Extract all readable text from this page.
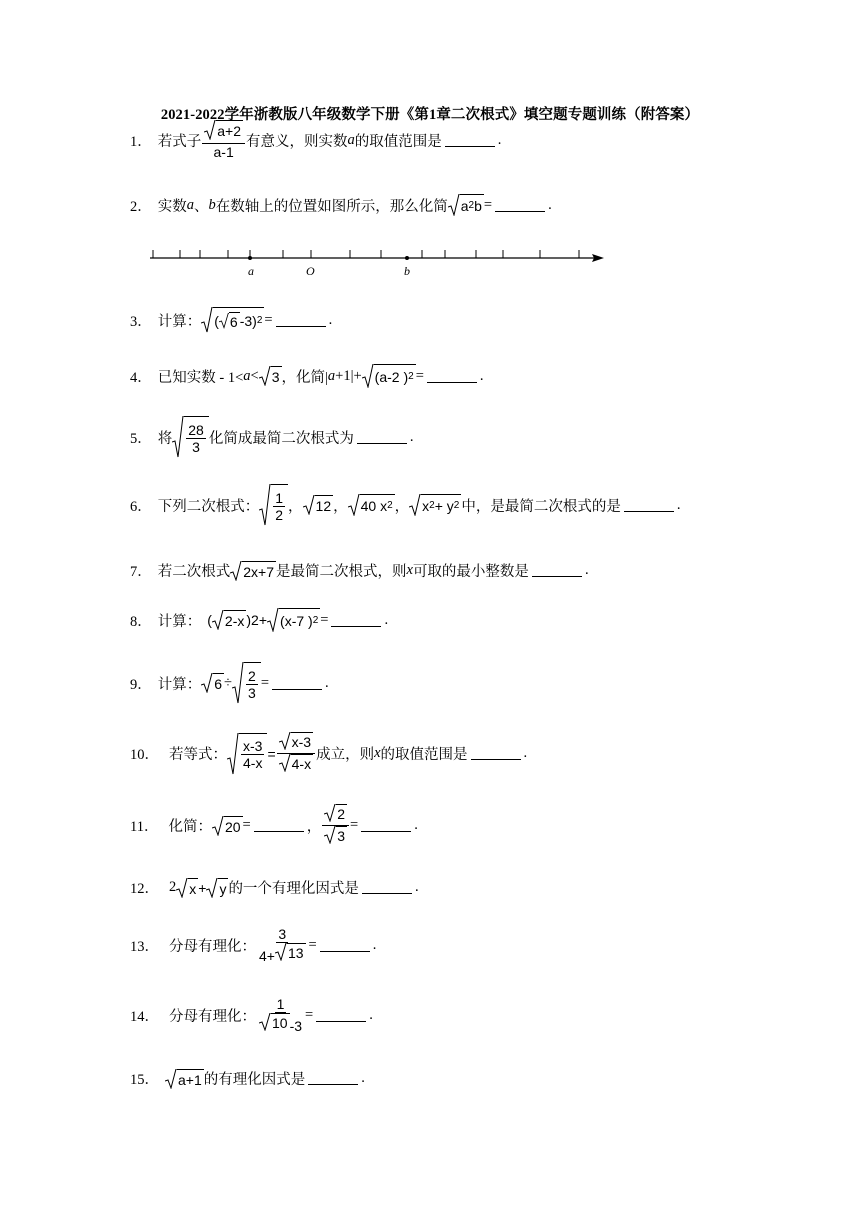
2021-2022学年浙教版八年级数学下册《第1章二次根式》填空题专题训练（附答案）
1． 若式子 $\frac{a+2}{a-1}$ 有意义，则实数 a 的取值范围是	.
2． 实数 a 、 b 在数轴上的位置如图所示，那么化简 a 2 b =	.
a	O	b
3． 计算： ( 6 -3) 2 =	.
4． 已知实数 - 1< a < 3 ，化简| a +1|+ (a-2 ) 2 =	.
5． 将 $\frac{28}{3}$ 化简成最简二次根式为	.
6． 下列二次根式： $\frac{1}{2}$ ， 12 ， 40 x 2 ， x 2 + y 2 中，是最简二次根式的是	.
7． 若二次根式 2x+7 是最简二次根式，则 x 可取的最小整数是	.
8． 计算： ( 2-x ) 2 + (x-7 ) 2 =	.
9． 计算： $6 \div \frac{2}{3}$ =	.
10． 若等式： $\frac{x-3}{4-x} = \frac{x-3}{4-x}$ 成立，则 x 的取值范围是	.
11． 化简： 20 =	， $\frac{2}{3}$ =	.
12． 2 x + y 的一个有理化因式是	.
13． 分母有理化： $\frac{3}{4+ 13}$ =	.
14． 分母有理化： $\frac{1}{10 -3}$ =	.
15． a+1 的有理化因式是	.
